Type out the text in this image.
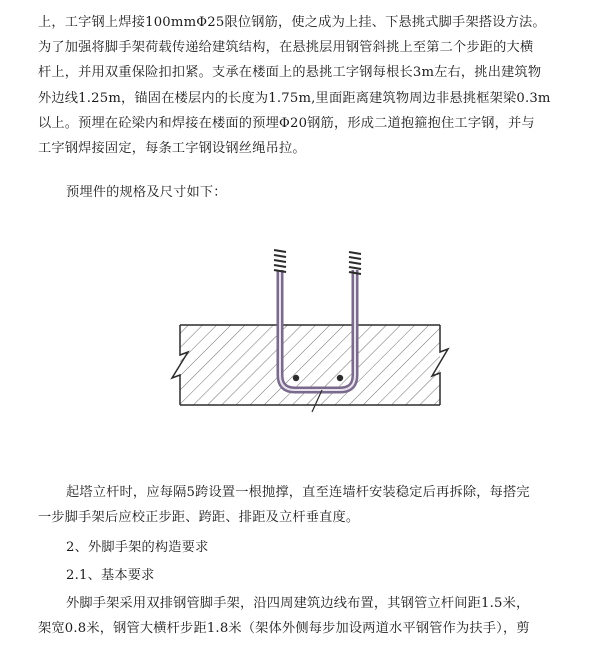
上，工字钢上焊接100mmΦ25限位钢筋，使之成为上挂、下悬挑式脚手架搭设方法。
为了加强将脚手架荷载传递给建筑结构，在悬挑层用钢管斜挑上至第二个步距的大横
杆上，并用双重保险扣扣紧。支承在楼面上的悬挑工字钢每根长3m左右，挑出建筑物
外边线1.25m，锚固在楼层内的长度为1.75m,里面距离建筑物周边非悬挑框架梁0.3m
以上。预埋在砼梁内和焊接在楼面的预埋Φ20钢筋，形成二道抱箍抱住工字钢，并与
工字钢焊接固定，每条工字钢设钢丝绳吊拉。
预埋件的规格及尺寸如下：
起塔立杆时，应每隔5跨设置一根抛撑，直至连墙杆安装稳定后再拆除，每搭完
一步脚手架后应校正步距、跨距、排距及立杆垂直度。
2、外脚手架的构造要求
2.1、基本要求
外脚手架采用双排钢管脚手架，沿四周建筑边线布置，其钢管立杆间距1.5米，
架宽0.8米，钢管大横杆步距1.8米（架体外侧每步加设两道水平钢管作为扶手），剪
